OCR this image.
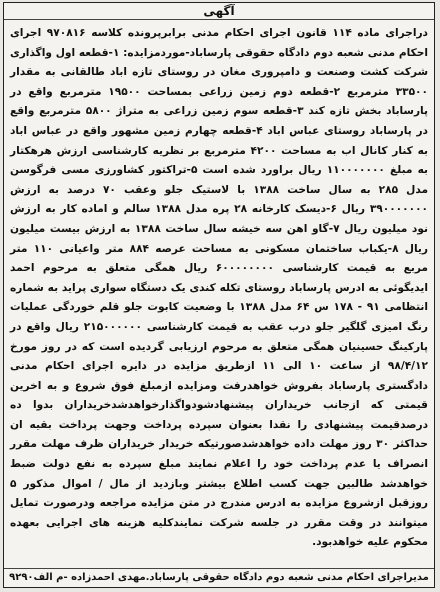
آگهی
دراجرای ماده ۱۱۴ قانون اجرای احکام مدنی برابرپرونده کلاسه ۹۷۰۸۱۶ اجرای احکام مدنی شعبه دوم دادگاه حقوقی پارساباد-موردمزایده: ۱-قطعه اول واگذاری شرکت کشت وصنعت و دامپروری مغان در روستای تازه اباد طالقانی به مقدار ۳۳۵۰۰ مترمربع ۲-قطعه دوم زمین زراعی بمساحت ۱۹۵۰۰ مترمربع واقع در پارساباد بخش تازه کند ۳-قطعه سوم زمین زراعی به متراژ ۵۸۰۰ مترمربع واقع در پارساباد روستای عباس اباد ۴-قطعه چهارم زمین مشهور واقع در عباس اباد به کنار کانال اب به مساحت ۴۲۰۰ مترمربع بر نظریه کارشناسی ارزش هرهکتار به مبلغ ۱۱۰۰۰۰۰۰۰ ریال براورد شده است ۵-تراکتور کشاورزی مسی فرگوسن مدل ۲۸۵ به سال ساخت ۱۳۸۸ با لاستیک جلو وعقب ۷۰ درصد به ارزش ۳۹۰۰۰۰۰۰۰ ریال ۶-دیسک کارخانه ۲۸ پره مدل ۱۳۸۸ سالم و اماده کار به ارزش نود میلیون ریال ۷-گاو اهن سه خیشه سال ساخت ۱۳۸۸ به ارزش بیست میلیون ریال ۸-یکباب ساختمان مسکونی به مساحت عرصه ۸۸۴ متر واعیانی ۱۱۰ متر مربع به قیمت کارشناسی ۶۰۰۰۰۰۰۰۰ ریال همگی متعلق به مرحوم احمد ایدیگوئی به ادرس پارساباد روستای تکله کندی یک دستگاه سواری پراید به شماره انتظامی ۹۱ - ۱۷۸ س ۶۴ مدل ۱۳۸۸ با وضعیت کابوت جلو قلم خوردگی عملیات رنگ امیزی گلگیر جلو درب عقب به قیمت کارشناسی ۲۱۵۰۰۰۰۰۰ ریال واقع در پارکینگ حسینیان همگی متعلق به مرحوم ارزیابی گردیده است که در روز مورخ ۹۸/۴/۱۲ از ساعت ۱۰ الی ۱۱ ازطریق مزایده در دایره اجرای احکام مدنی دادگستری پارساباد بفروش خواهدرفت ومزایده ازمبلغ فوق شروع و به اخرین قیمتی که ازجانب خریداران پیشنهادشودواگذارخواهدشدخریداران بدوا ده درصدقیمت پیشنهادی را نقدا بعنوان سپرده پرداخت وجهت پرداخت بقیه ان حداکثر ۳۰ روز مهلت داده خواهدشدصورتیکه خریدار خریداران ظرف مهلت مقرر انصراف یا عدم پرداخت خود را اعلام نمایند مبلغ سپرده به نفع دولت ضبط خواهدشد طالبین جهت کسب اطلاع بیشتر وبازدید از مال / اموال مذکور ۵ روزقبل ازشروع مزایده به ادرس مندرج در متن مزایده مراجعه ودرصورت تمایل میتوانند در وقت مقرر در جلسه شرکت نمایندکلیه هزینه های اجرایی بعهده محکوم علیه خواهدبود.
مدیراجرای احکام مدنی شعبه دوم دادگاه حقوقی پارساباد.مهدی احمدزاده -م الف۹۲۹۰
